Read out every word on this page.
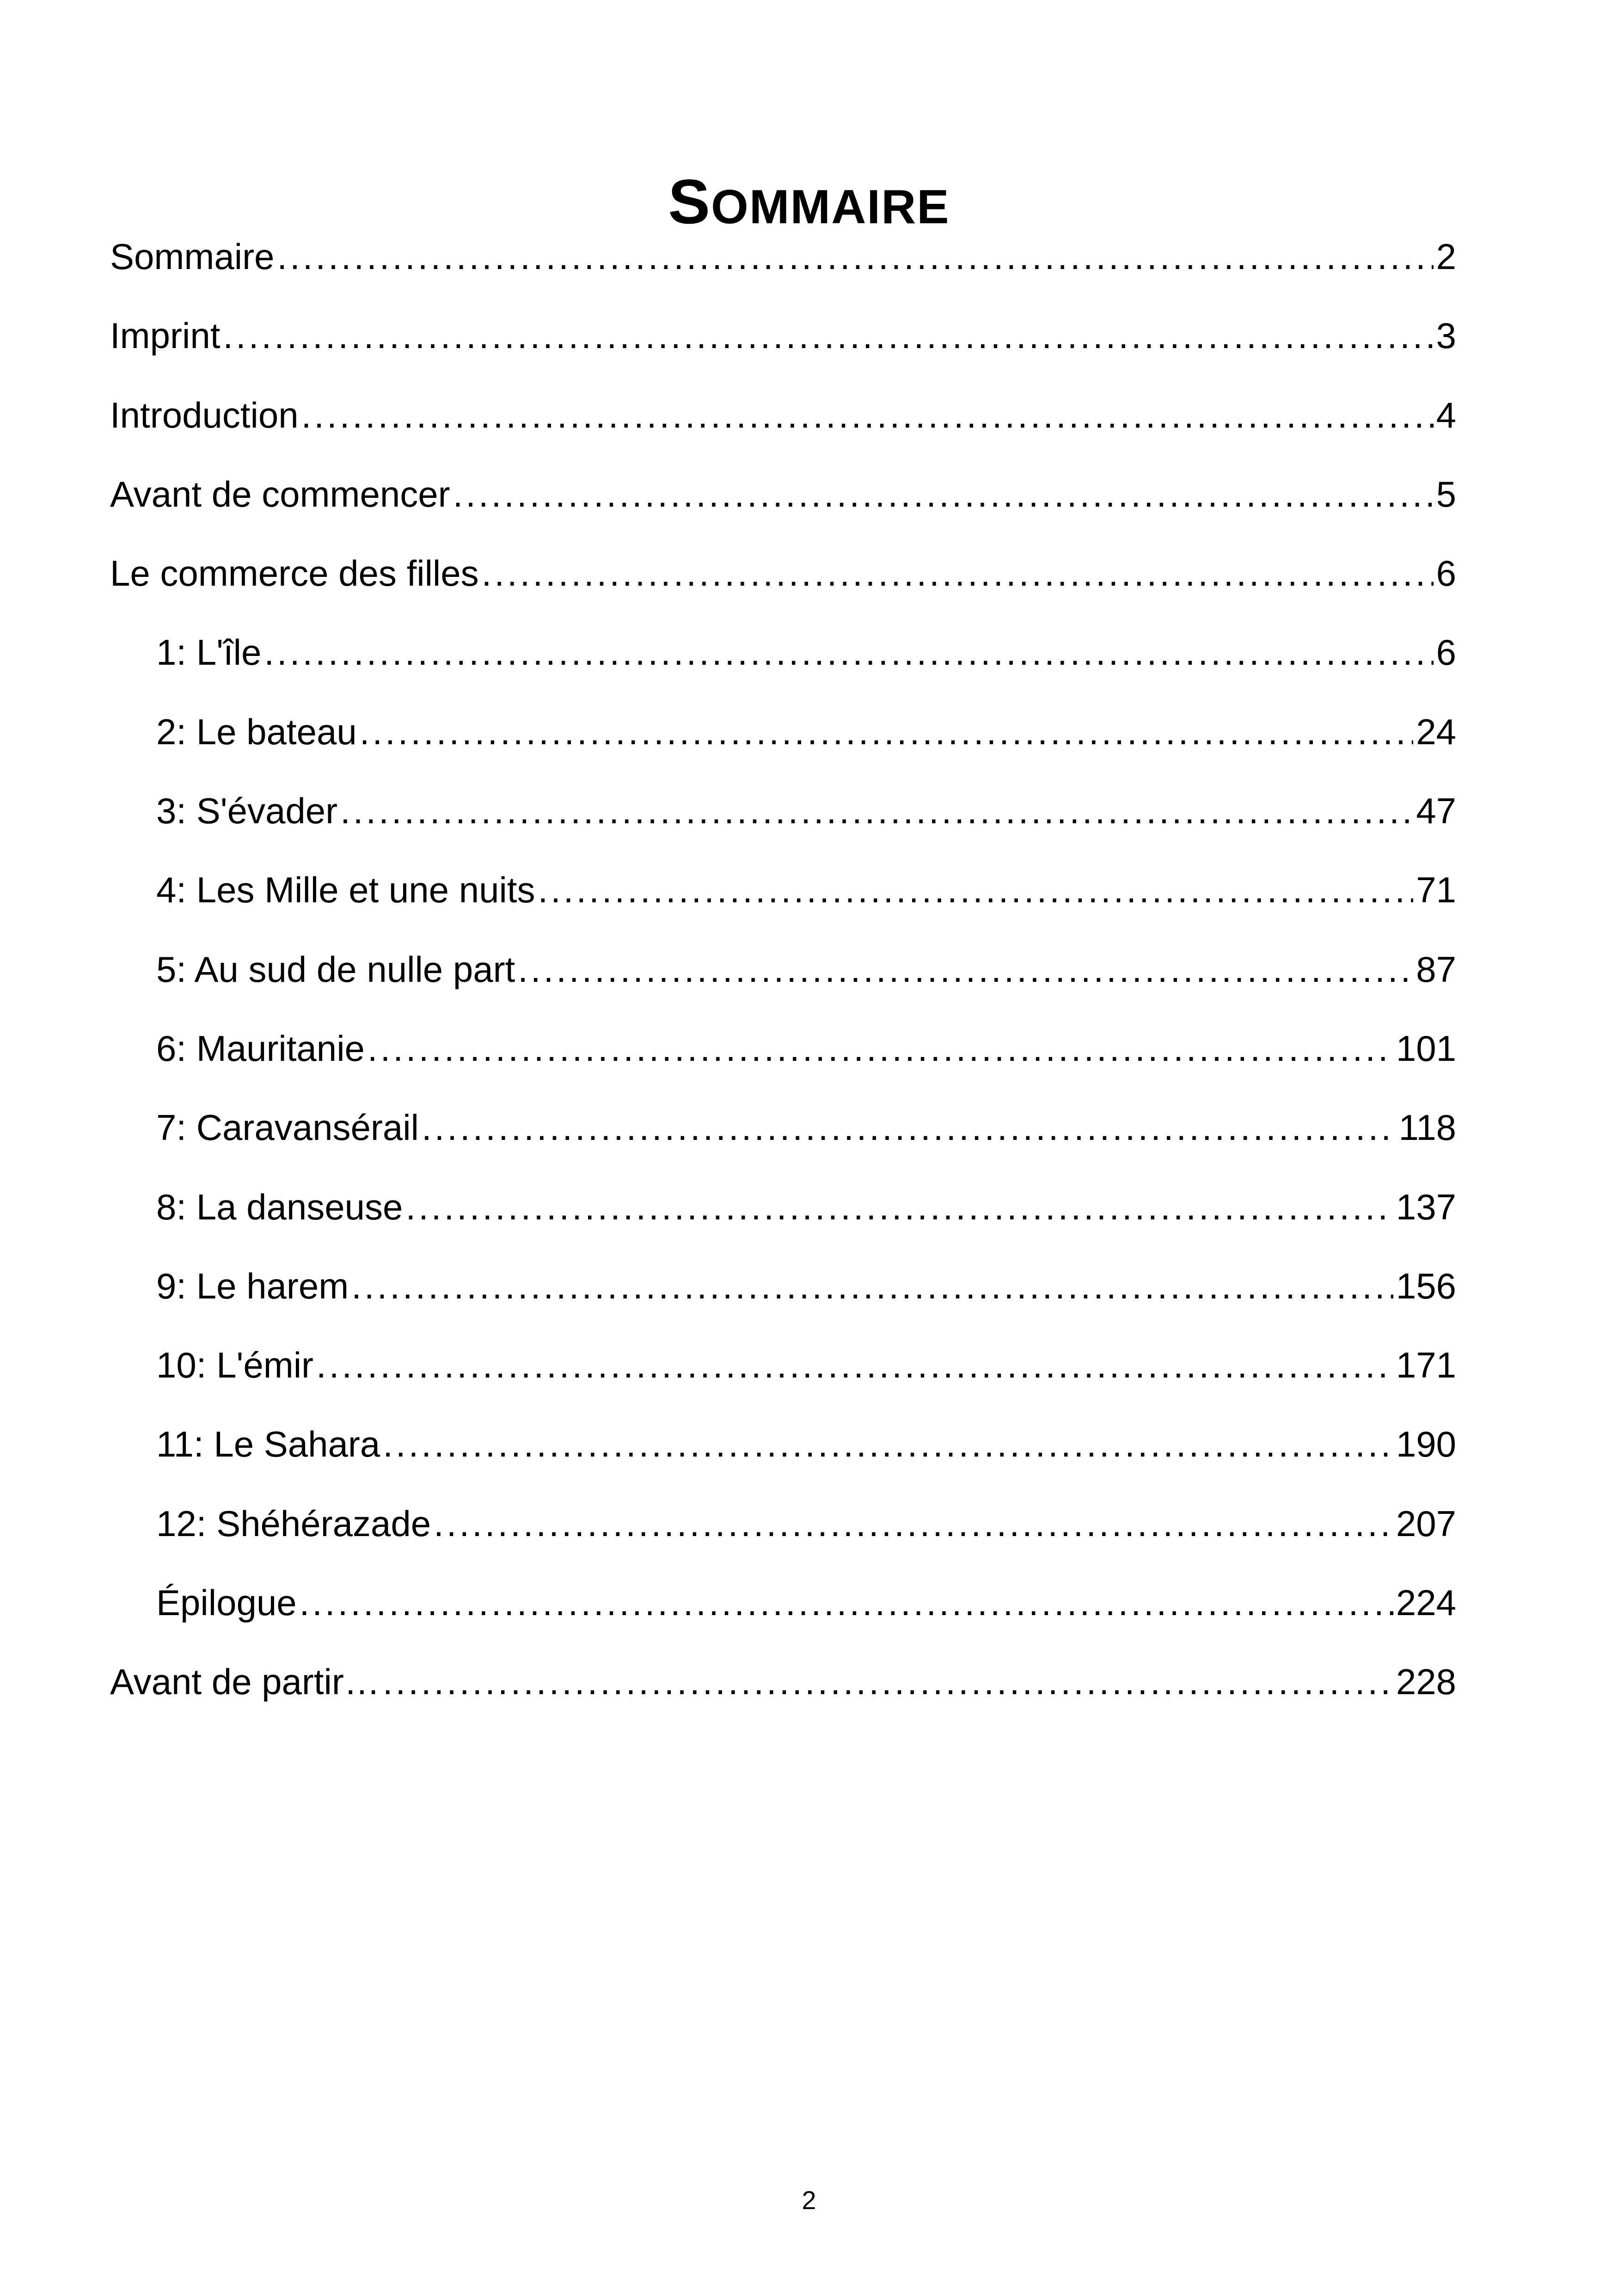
SOMMAIRE
Sommaire .....	2
Imprint .....	3
Introduction .....	4
Avant de commencer .....	5
Le commerce des filles .....	6
1: L'île .....	6
2: Le bateau .....	24
3: S'évader .....	47
4: Les Mille et une nuits .....	71
5: Au sud de nulle part .....	87
6: Mauritanie .....	101
7: Caravansérail .....	118
8: La danseuse .....	137
9: Le harem .....	156
10: L'émir .....	171
11: Le Sahara .....	190
12: Shéhérazade .....	207
Épilogue .....	224
Avant de partir… .....	228
2
